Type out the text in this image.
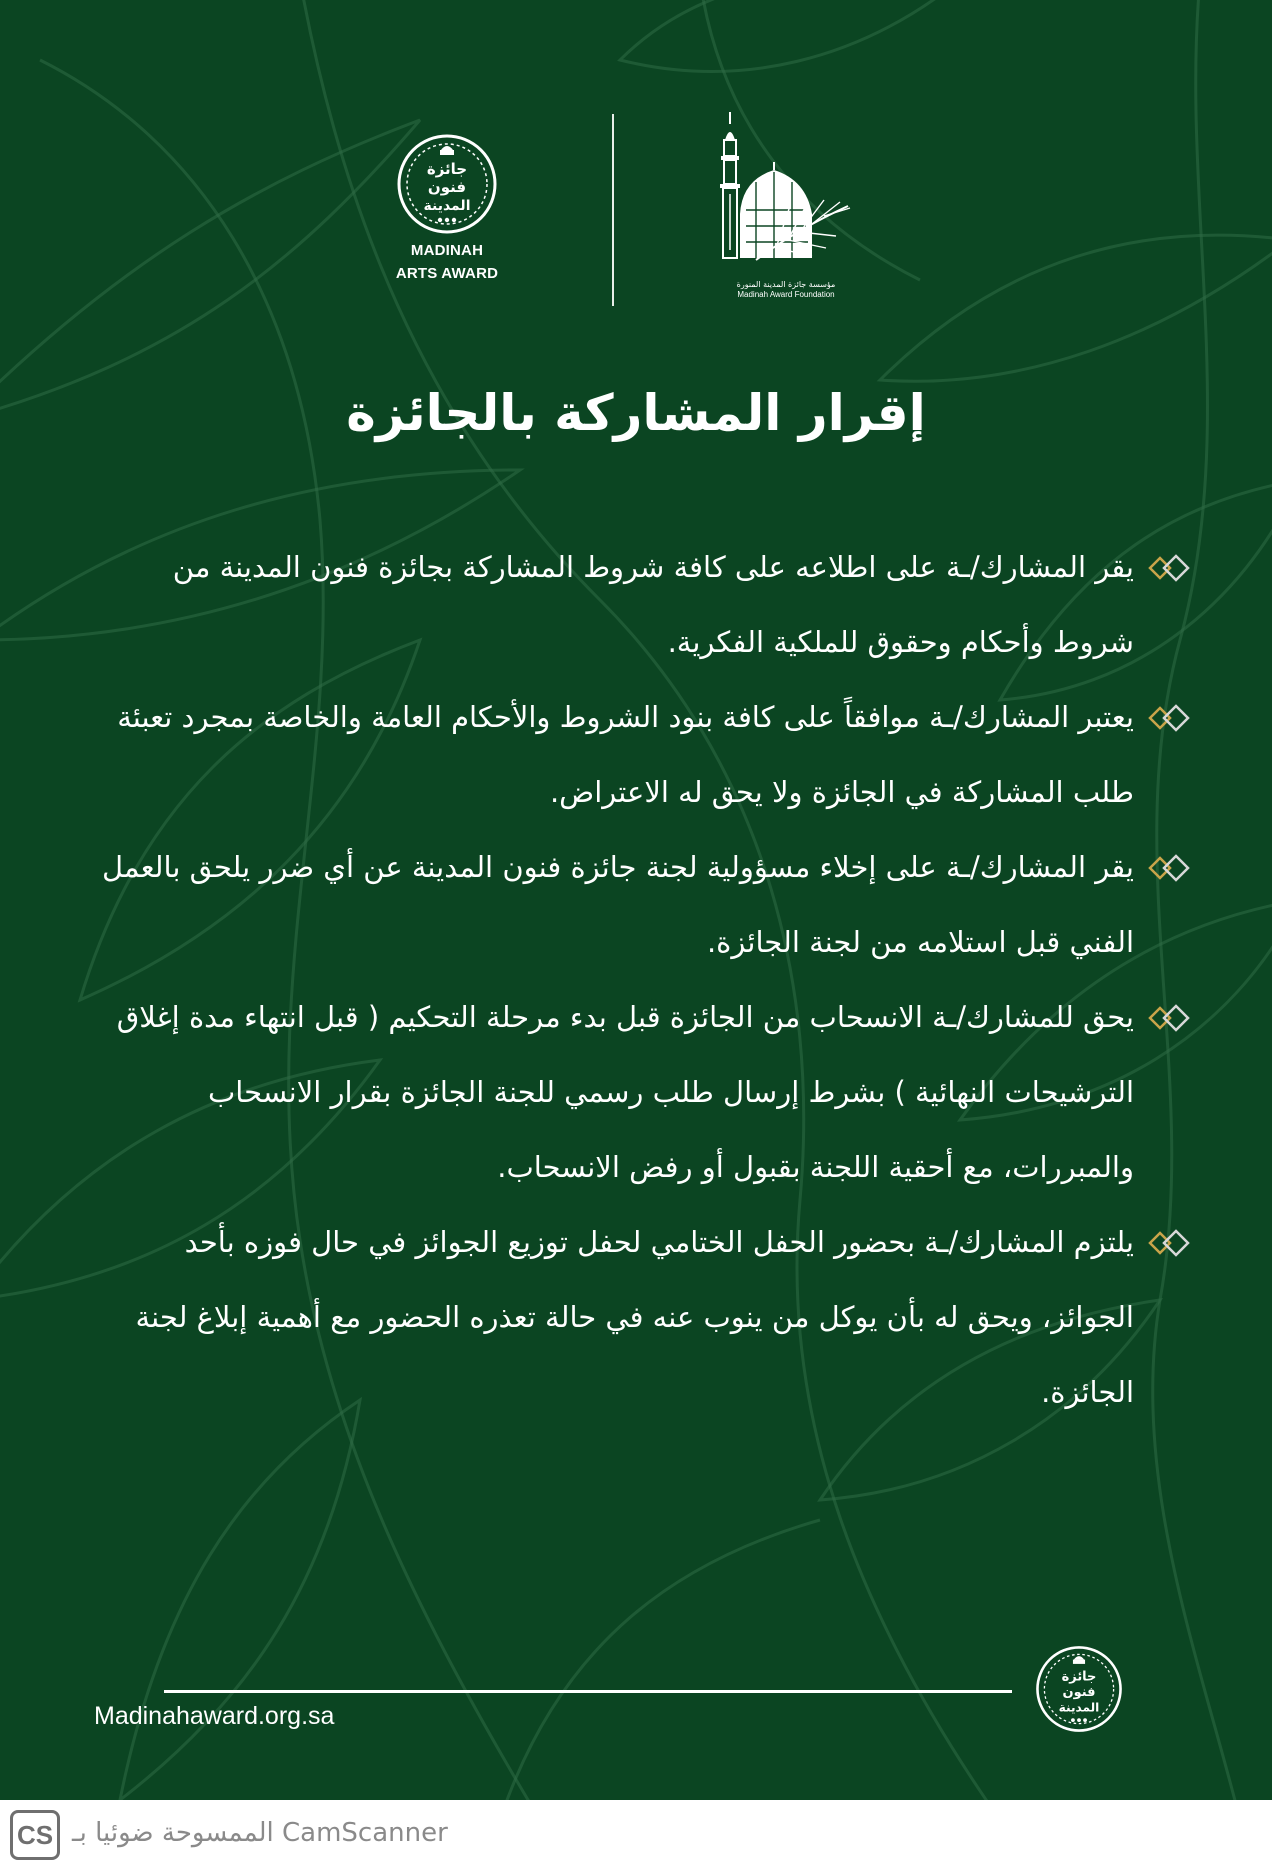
جائزة
فنون
المدينة
MADINAH
ARTS AWARD
مؤسسة جائزة المدينة المنورة
Madinah Award Foundation
إقرار المشاركة بالجائزة
يقر المشارك/ـة على اطلاعه على كافة شروط المشاركة بجائزة فنون المدينة من شروط وأحكام وحقوق للملكية الفكرية.
يعتبر المشارك/ـة موافقاً على كافة بنود الشروط والأحكام العامة والخاصة بمجرد تعبئة طلب المشاركة في الجائزة ولا يحق له الاعتراض.
يقر المشارك/ـة على إخلاء مسؤولية لجنة جائزة فنون المدينة عن أي ضرر يلحق بالعمل الفني قبل استلامه من لجنة الجائزة.
يحق للمشارك/ـة الانسحاب من الجائزة قبل بدء مرحلة التحكيم ( قبل انتهاء مدة إغلاق الترشيحات النهائية ) بشرط إرسال طلب رسمي للجنة الجائزة بقرار الانسحاب والمبررات، مع أحقية اللجنة بقبول أو رفض الانسحاب.
يلتزم المشارك/ـة بحضور الحفل الختامي لحفل توزيع الجوائز في حال فوزه بأحد الجوائز، ويحق له بأن يوكل من ينوب عنه في حالة تعذره الحضور مع أهمية إبلاغ لجنة الجائزة.
Madinahaward.org.sa
جائزة
فنون
المدينة
CS الممسوحة ضوئيا بـ CamScanner
